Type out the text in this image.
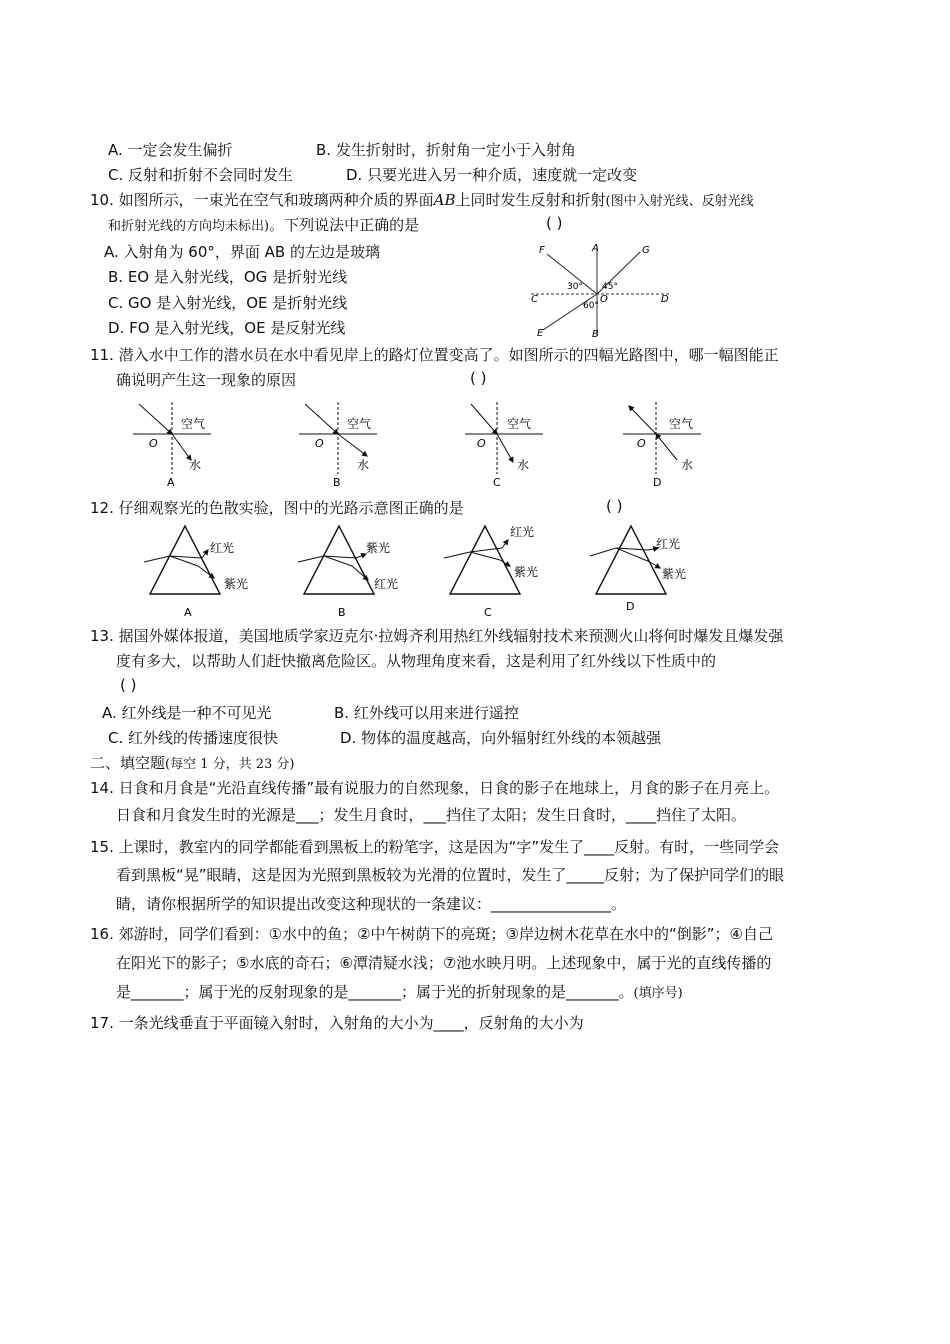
A. 一定会发生偏折	B. 发生折射时，折射角一定小于入射角
C. 反射和折射不会同时发生	D. 只要光进入另一种介质，速度就一定改变
10. 如图所示，一束光在空气和玻璃两种介质的界面AB上同时发生反射和折射(图中入射光线、反射光线
和折射光线的方向均未标出)。下列说法中正确的是	( )
A. 入射角为 60°，界面 AB 的左边是玻璃
B. EO 是入射光线，OG 是折射光线
C. GO 是入射光线，OE 是折射光线
D. FO 是入射光线，OE 是反射光线
F	A	G
C	O	D
E	B
30° 45°
60°
11. 潜入水中工作的潜水员在水中看见岸上的路灯位置变高了。如图所示的四幅光路图中，哪一幅图能正
确说明产生这一现象的原因	( )
空气
水
O
A
空气
水
O
B
空气
水
O
C
空气
水
O
D
12. 仔细观察光的色散实验，图中的光路示意图正确的是	( )
红光
紫光
A
紫光
红光
B
红光
紫光
C
红光
紫光
D
13. 据国外媒体报道，美国地质学家迈克尔·拉姆齐利用热红外线辐射技术来预测火山将何时爆发且爆发强
度有多大，以帮助人们赶快撤离危险区。从物理角度来看，这是利用了红外线以下性质中的
( )
A. 红外线是一种不可见光	B. 红外线可以用来进行遥控
C. 红外线的传播速度很快	D. 物体的温度越高，向外辐射红外线的本领越强
二、填空题(每空 1 分，共 23 分)
14. 日食和月食是“光沿直线传播”最有说服力的自然现象，日食的影子在地球上，月食的影子在月亮上。
日食和月食发生时的光源是___；发生月食时，___挡住了太阳；发生日食时，____挡住了太阳。
15. 上课时，教室内的同学都能看到黑板上的粉笔字，这是因为“字”发生了____反射。有时，一些同学会
看到黑板“晃”眼睛，这是因为光照到黑板较为光滑的位置时，发生了_____反射；为了保护同学们的眼
睛，请你根据所学的知识提出改变这种现状的一条建议：________________。
16. 郊游时，同学们看到：①水中的鱼；②中午树荫下的亮斑；③岸边树木花草在水中的“倒影”；④自己
在阳光下的影子；⑤水底的奇石；⑥潭清疑水浅；⑦池水映月明。上述现象中，属于光的直线传播的
是_______；属于光的反射现象的是_______；属于光的折射现象的是_______。(填序号)
17. 一条光线垂直于平面镜入射时，入射角的大小为____，反射角的大小为
